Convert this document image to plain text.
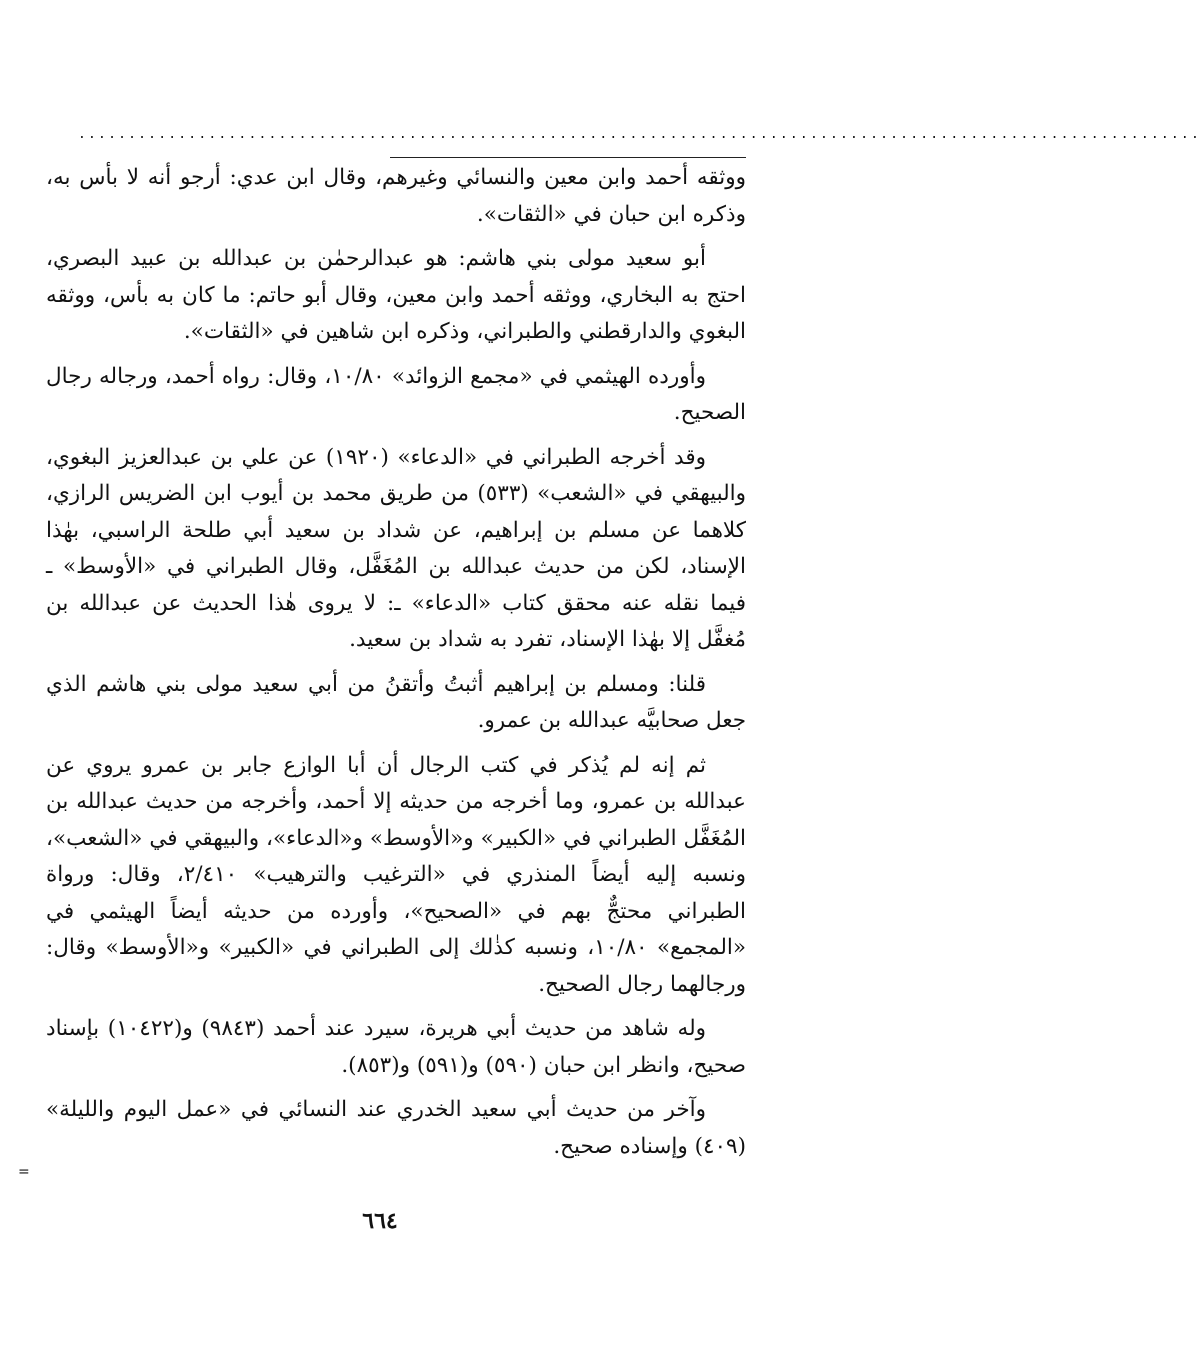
................................................................................................................

ووثقه أحمد وابن معين والنسائي وغيرهم، وقال ابن عدي: أرجو أنه لا بأس به، وذكره ابن حبان في «الثقات».

أبو سعيد مولى بني هاشم: هو عبدالرحمٰن بن عبدالله بن عبيد البصري، احتج به البخاري، ووثقه أحمد وابن معين، وقال أبو حاتم: ما كان به بأس، ووثقه البغوي والدارقطني والطبراني، وذكره ابن شاهين في «الثقات».

وأورده الهيثمي في «مجمع الزوائد» ١٠/٨٠، وقال: رواه أحمد، ورجاله رجال الصحيح.

وقد أخرجه الطبراني في «الدعاء» (١٩٢٠) عن علي بن عبدالعزيز البغوي، والبيهقي في «الشعب» (٥٣٣) من طريق محمد بن أيوب ابن الضريس الرازي، كلاهما عن مسلم بن إبراهيم، عن شداد بن سعيد أبي طلحة الراسبي، بهٰذا الإسناد، لكن من حديث عبدالله بن المُغَفَّل، وقال الطبراني في «الأوسط» ـ فيما نقله عنه محقق كتاب «الدعاء» ـ: لا يروى هٰذا الحديث عن عبدالله بن مُغفَّل إلا بهٰذا الإسناد، تفرد به شداد بن سعيد.

قلنا: ومسلم بن إبراهيم أثبتُ وأتقنُ من أبي سعيد مولى بني هاشم الذي جعل صحابيَّه عبدالله بن عمرو.

ثم إنه لم يُذكر في كتب الرجال أن أبا الوازع جابر بن عمرو يروي عن عبدالله بن عمرو، وما أخرجه من حديثه إلا أحمد، وأخرجه من حديث عبدالله بن المُغَفَّل الطبراني في «الكبير» و«الأوسط» و«الدعاء»، والبيهقي في «الشعب»، ونسبه إليه أيضاً المنذري في «الترغيب والترهيب» ٢/٤١٠، وقال: ورواة الطبراني محتجٌّ بهم في «الصحيح»، وأورده من حديثه أيضاً الهيثمي في «المجمع» ١٠/٨٠، ونسبه كذٰلك إلى الطبراني في «الكبير» و«الأوسط» وقال: ورجالهما رجال الصحيح.

وله شاهد من حديث أبي هريرة، سيرد عند أحمد (٩٨٤٣) و(١٠٤٢٢) بإسناد صحيح، وانظر ابن حبان (٥٩٠) و(٥٩١) و(٨٥٣).

وآخر من حديث أبي سعيد الخدري عند النسائي في «عمل اليوم والليلة» (٤٠٩) وإسناده صحيح.

=
٦٦٤
